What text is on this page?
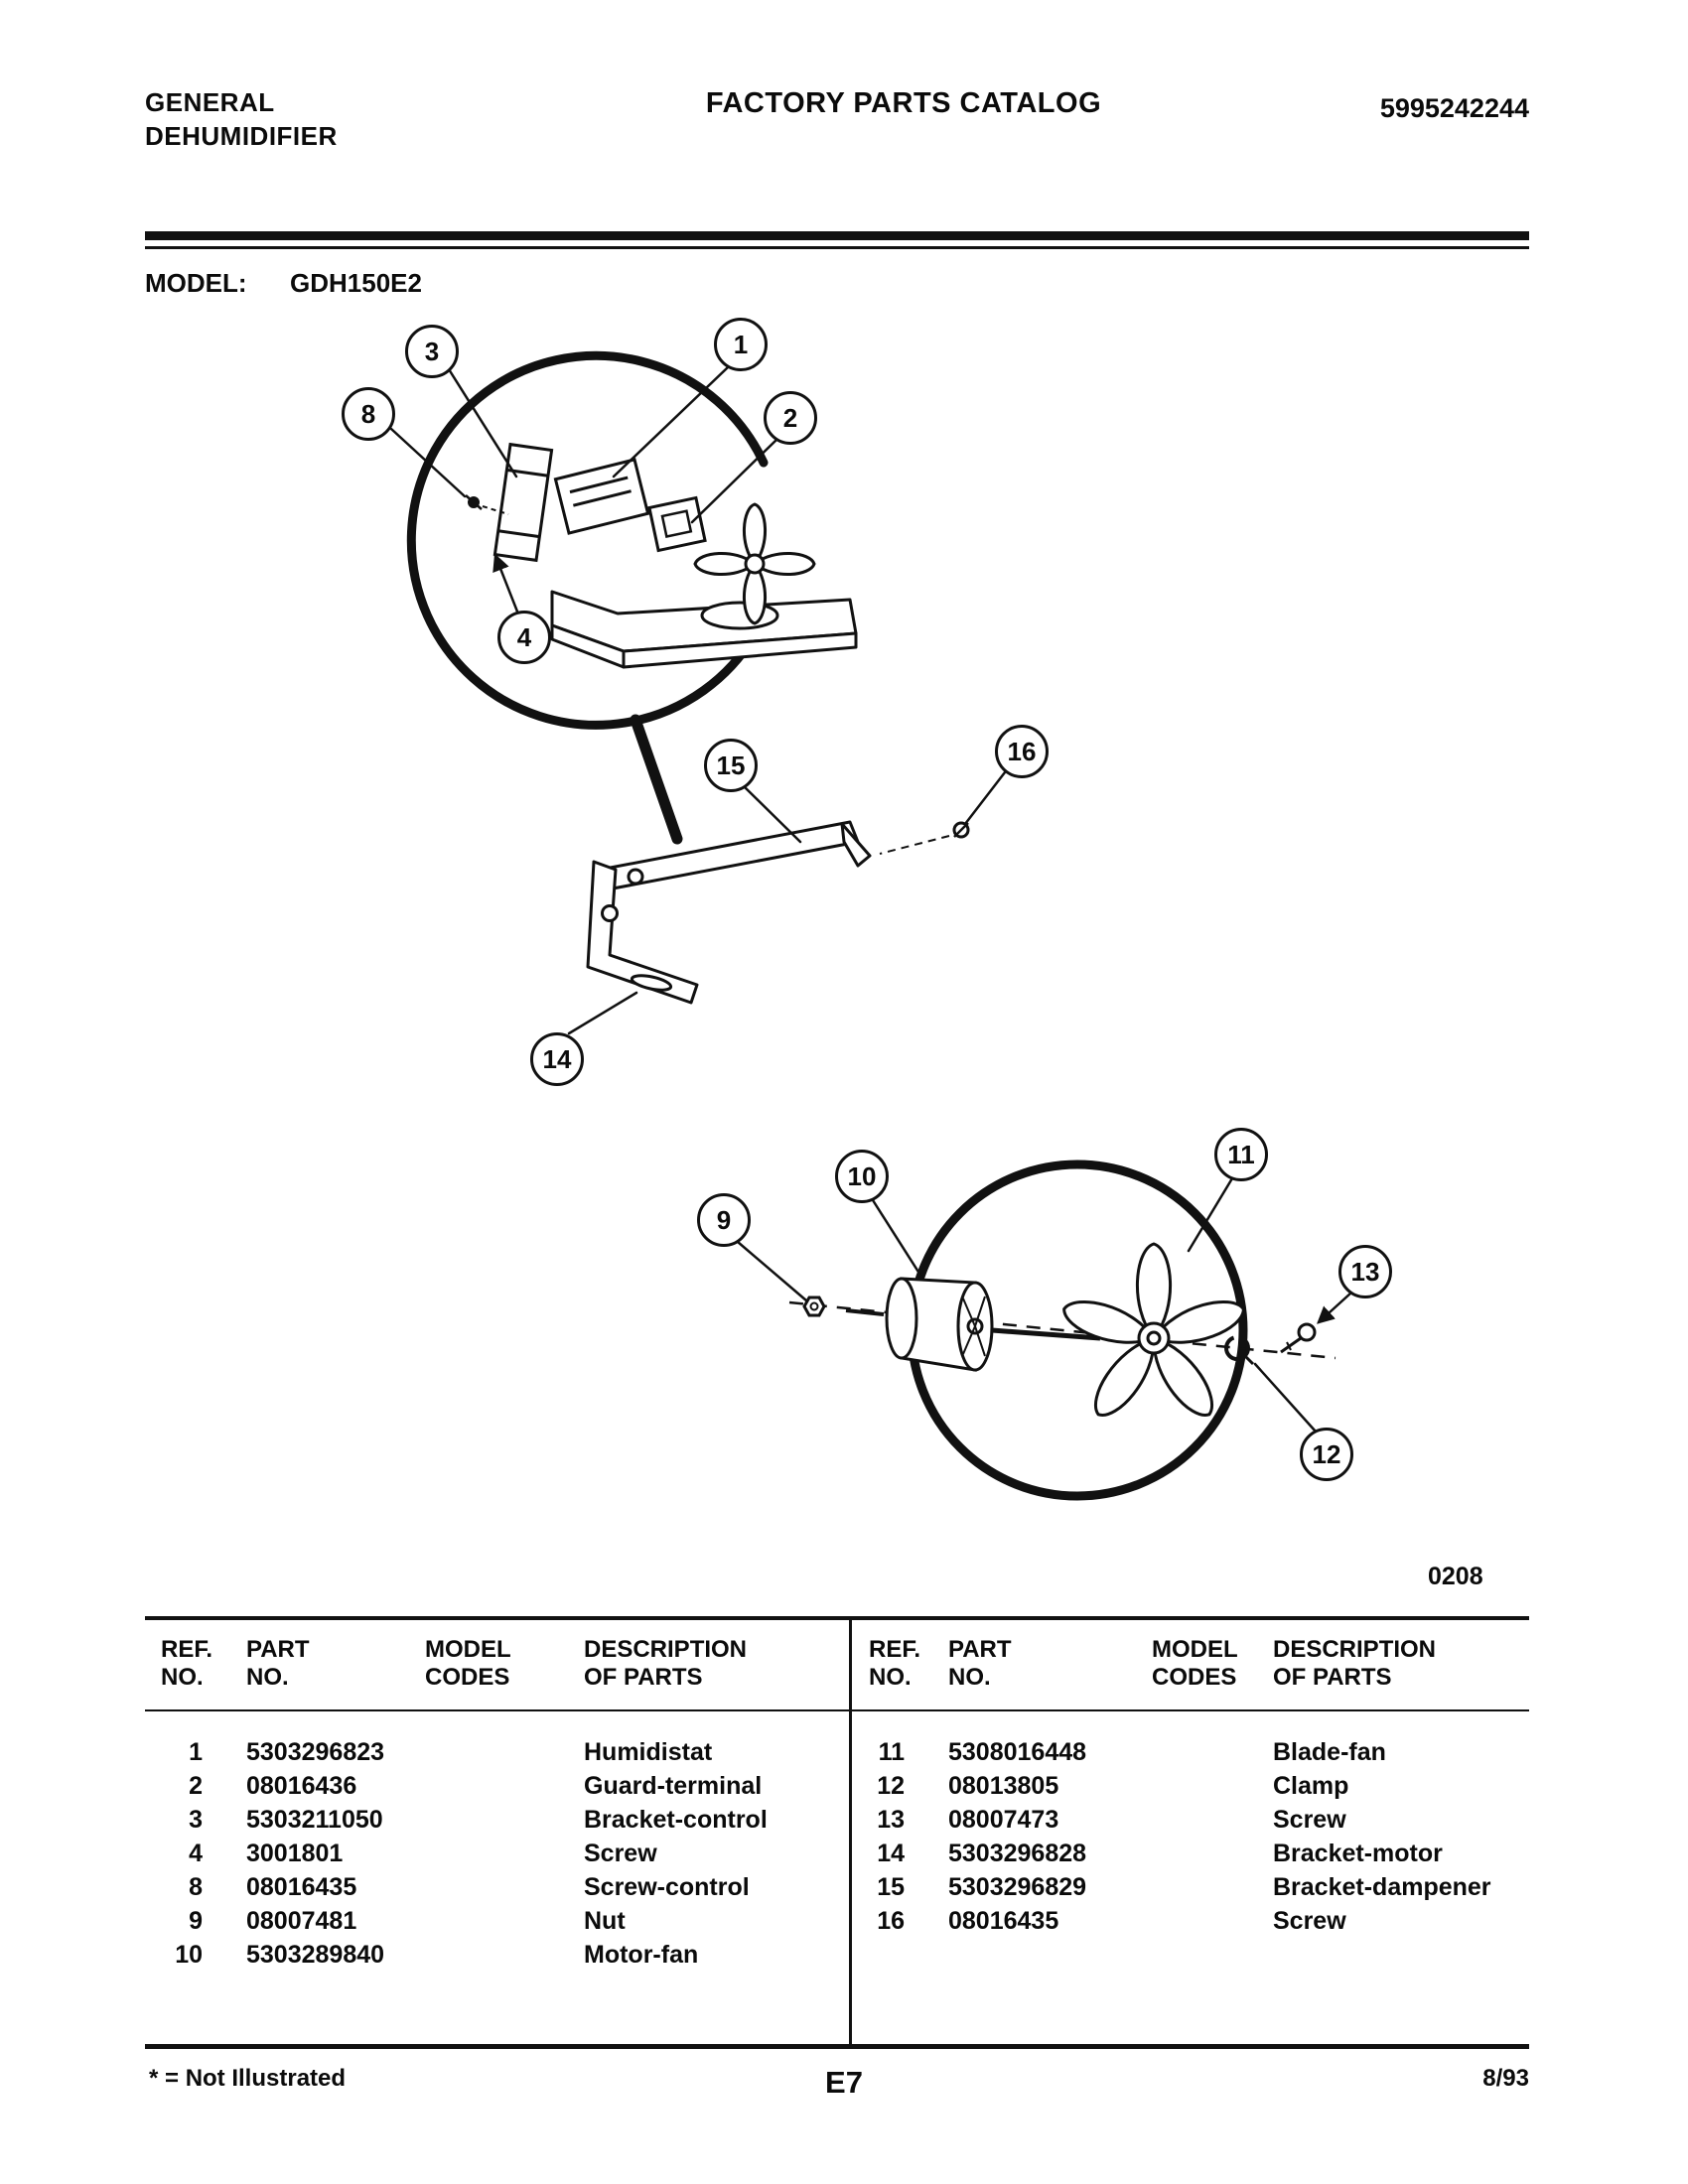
GENERAL
DEHUMIDIFIER
FACTORY PARTS CATALOG	5995242244
MODEL: GDH150E2
3	1
8	2
4
15	16
14
10
9
11
13
12
0208
REF.
NO.
PART
NO.
MODEL
CODES
DESCRIPTION
OF PARTS
REF.
NO.
PART
NO.
MODEL
CODES
DESCRIPTION
OF PARTS
1	5303296823	Humidistat
2	08016436	Guard-terminal
3	5303211050	Bracket-control
4	3001801	Screw
8	08016435	Screw-control
9	08007481	Nut
10	5303289840	Motor-fan
11	5308016448	Blade-fan
12	08013805	Clamp
13	08007473	Screw
14	5303296828	Bracket-motor
15	5303296829	Bracket-dampener
16	08016435	Screw
* = Not Illustrated	E7	8/93
